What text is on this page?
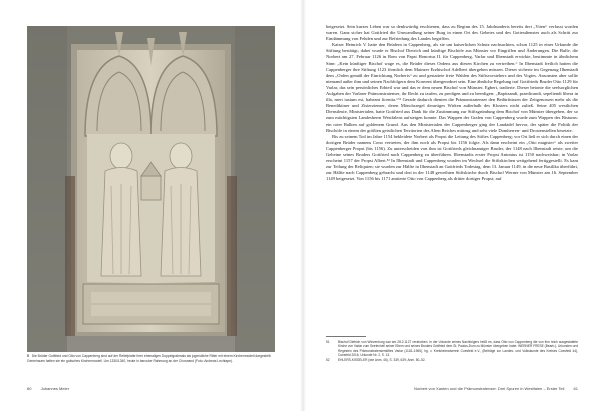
5 Die Brüder Gottfried und Otto von Cappenberg sind auf der Reliefplatte ihrer ehemaligen Doppelgrabmals als jugendliche Ritter mit einem Kirchenmodell dargestellt. Gemeinsam halten sie ein gotisches Kirchenmodell. Um 1330/1340, heute in barocker Rahmung an der Chorwand (Foto: Andreas Lechtape).
60 Johannes Meier

beigesetzt. Sein kurzes Leben war so denkwürdig erschienen, dass zu Beginn des 15. Jahrhunderts bereits drei „Viten“ verfasst worden waren. Ganz sicher hat Gottfried die Umwandlung seiner Burg in einen Ort des Gebetes und des Gottesdienstes auch als Schritt zur Eindämmung von Fehden und zur Befriedung des Landes begriffen.

Kaiser Heinrich V. hatte den Brüdern in Cappenberg, als sie um kaiserlichen Schutz nachsuchten, schon 1125 in einer Urkunde die Stiftung bestätigt; dabei wurde er Bischof Dietrich und künftige Bischöfe aus Münster vor Eingriffen und Änderungen. Die Bulle, die Norbert am 27. Februar 1126 in Rom von Papst Honorius II. für Cappenberg, Varlar und Ilbenstadt erwirkte, bestimmte in ähnlichem Sinn: „Kein künftiger Bischof wage es, die Brüder dieses Ordens aus diesen Kirchen zu vertreiben.“ In Ilbenstadt freilich hatten die Cappenberger ihre Stiftung 1123 förmlich dem Mainzer Erzbischof Adelbert übergeben müssen. Dieser sicherte im Gegenzug Ilbenstadt dem „Orden gemäß der Einrichtung Norberts“ zu und gestattete freie Wahlen des Stiftsvorstehers und des Vogtes. Ansonsten aber sollte niemand außer ihm und seinen Nachfolgern dem Konvent übergeordnet sein. Eine ähnliche Regelung traf Gottfrieds Bruder Otto 1129 für Varlar, das sein persönliches Erbteil war und das er dem neuen Bischof von Münster, Egbert, tradierte. Dieser betonte die seelsorglichen Aufgaben der Varlarer Prämonstratenser, ihr Recht zu taufen, zu predigen und zu beerdigen: „Baptizandi, praedicandi, sepeliendi libera in illa, meri iustum est, habeant licentia.“⁵¹ Gerade dadurch dienten die Prämonstratenser den Bedürfnissen der Zeitgenossen mehr als die Benediktiner und Zisterzienser, deren Mönchsregel derartiges Wirken außerhalb des Klosters nicht zuließ. Seine 405 westlichen Dienstleute, Ministerialen, hatte Gottfried aus Dank für die Zustimmung zur Stiftsgründung dem Bischof von Münster übergeben, der so zum mächtigsten Landesherrn Westfalens aufsteigen konnte. Das Wappen der Grafen von Cappenberg wurde zum Wappen des Bistums: ein roter Balken auf goldenem Grund. Aus den Ministerialen der Cappenberger ging der Landadel hervor, der später die Politik der Bischöfe in einem der größten geistlichen Territorien des Alten Reiches mittrug und sehr viele Domherren- und Drostenstellen besetzte.

Bis zu seinem Tod im Jahre 1154 bekleidete Norbert als Propst die Leitung des Stiftes Cappenberg; vor Ort ließ er sich durch einen der dortigen Brüder namens Cono vertreten, der ihm noch als Propst bis 1156 folgte. Als dann erscheint ein „Otto magister“ als zweiter Cappenberger Propst (bis 1156). Zu unterscheiden von ihm ist Gottfrieds gleichnamiger Bruder, der 1148 nach Ilbenstadt reiste, um die Gebeine seines Bruders Gottfried nach Cappenberg zu überführen. Ilbenstadts erster Propst Antonius ist 1150 nachweisbar; in Varlar erscheint 1157 der Propst Albert.⁵² In Ilbenstadt und Cappenberg wurden im Wechsel die Stiftskirchen weitgehend fertiggestellt. Es kam zur Teilung der Reliquien; sie wurden zur Hälfte in Ilbenstadt an Gottfrieds Todestag, dem 13. Januar 1149, in die neue Basilika überführt, zur Hälfte nach Cappenberg gebracht und dort in der 1148 geweihten Stiftskirche durch Bischof Werner von Münster am 16. September 1149 beigesetzt. Von 1156 bis 1171 amtierte Otto von Cappenberg als dritter dortiger Propst; auf

51	Bischof Dietrich von Winzenburg war am 28.2.1127 verstorben. In der Urkunde seines Nachfolgers heißt es, dass Otto von Cappenberg die von ihm reich ausgestattete Kirche von Varlar zum Seelenheil seiner Eltern und seines Bruders Gottfried dem St. Paulus-Dom zu Münster übergeben habe: WERNER FRESE (Bearb.), Urkunden und Regesten des Prämonstratenserstiftes Varlar (1118–1965), hg. v. Kreisheimatverein Coesfeld e.V., (Beiträge zur Landes- und Volkskunde des Kreises Coesfeld 44), Coesfeld 2016, Urkunde Nr. 2, S. 13.
52	EHLERS-KISSELER (wie Anm. 46), S. 339, 639; Anm. 50–52.
Norbert von Xanten und die Prämonstratenser. Drei Spuren in Westfalen – Erster Teil 61
